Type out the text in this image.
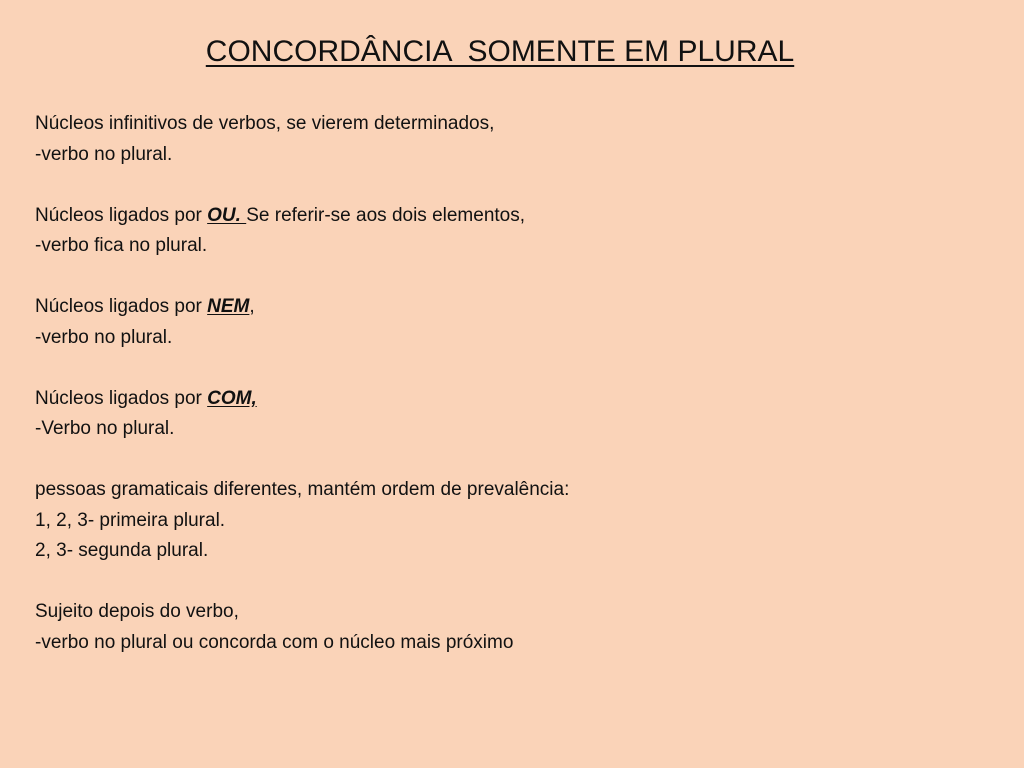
CONCORDÂNCIA  SOMENTE EM PLURAL
Núcleos infinitivos de verbos, se vierem determinados,
-verbo no plural.
Núcleos ligados por OU. Se referir-se aos dois elementos,
-verbo fica no plural.
Núcleos ligados por NEM,
-verbo no plural.
Núcleos ligados por COM,
-Verbo no plural.
pessoas gramaticais diferentes, mantém ordem de prevalência:
1, 2, 3- primeira plural.
2, 3- segunda plural.
Sujeito depois do verbo,
-verbo no plural ou concorda com o núcleo mais próximo
